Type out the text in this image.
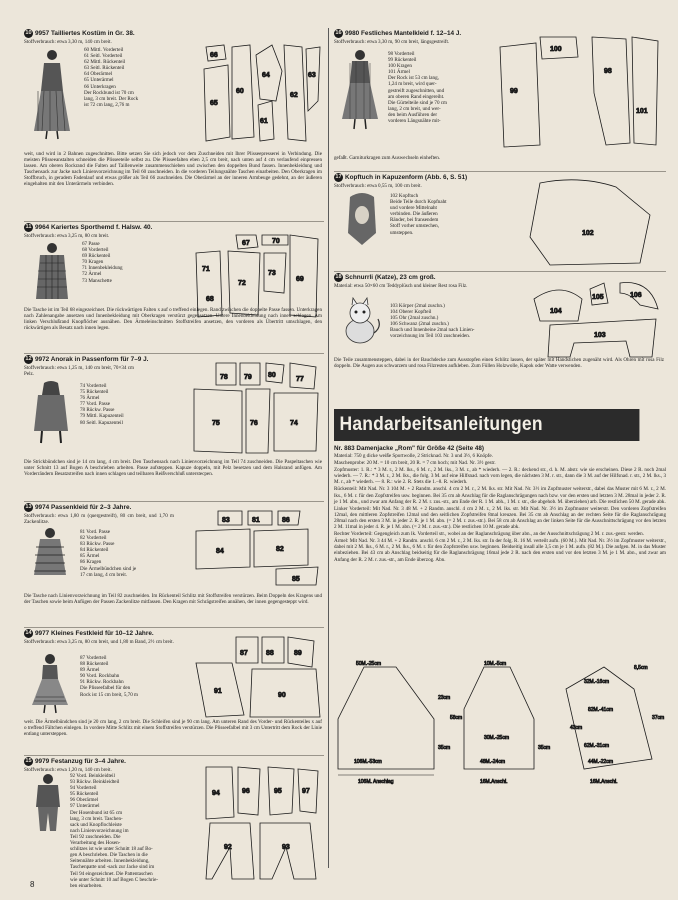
10 9957 Tailliertes Kostüm in Gr. 38.
Stoffverbrauch: etwa 3,30 m, 140 cm breit.
60 Mittl. Vorderteil
61 Seitl. Vorderteil
62 Mittl. Rückenteil
63 Seitl. Rückenteil
64 Oberärmel
65 Unterärmel
66 Unterkragen
Der Rockbund ist 70 cm
lang, 3 cm breit. Der Rock
ist 72 cm lang, 2,76 m
66
60
64
61
62
63
65
weit, und wird in 2 Bahnen zugeschnitten. Bitte setzen Sie sich jedoch vor dem Zuschneiden mit Ihrer Plisseepresserei in Verbindung. Die meisten Plisseeanstalten schneiden die Plisseeteile selbst zu. Die Plisseefalten eben 2,5 cm breit, nach unten auf 4 cm verlaufend einpressen lassen. Am oberen Rockrand die Falten auf Taillenweite zusammenschieben und zwischen den doppelten Bund fassen. Innenbekleidung und Taschensack zur Jacke nach Linienvorzeichnung im Teil 60 zuschneiden. In die vorderen Teilungsnähte Taschen einarbeiten. Den Oberkragen im Stoffbruch, in geradem Fadenlauf und etwas größer als Teil 66 zuschneiden. Die Oberärmel an der inneren Armbeuge gedehnt, an der äußeren eingehalten mit den Unterärmeln verbinden.
11 9964 Kariertes Sporthemd f. Halsw. 40.
Stoffverbrauch: etwa 3,25 m, 80 cm breit.
67 Passe
68 Vorderteil
69 Rückenteil
70 Kragen
71 Innenbekleidung
72 Ärmel
73 Manschette
70
67
69
72
73
71
68
Die Tasche ist im Teil 68 eingezeichnet. Die rückwärtigen Falten x auf o treffend einlegen. Rand zwischen die doppelte Passe fassen. Unterkragen nach Zahlenangabe ansetzen und Innenbekleidung mit Oberkragen verstürzt gegensetzen. Untere Innenbekleidung nach innen schlagen. Am linken Verschlußrand Knopflöcher ausnähen. Den Ärmeleinschnitten Stoffstreifen ansetzen, den vorderen als Übertritt umschlagen, den rückwärtigen als Besatz nach innen legen.
12 9972 Anorak in Passenform für 7–9 J.
Stoffverbrauch: etwa 1,25 m, 140 cm breit, 70×34 cm Pelz.
74 Vorderteil
75 Rückenteil
76 Ärmel
77 Vord. Passe
78 Rückw. Passe
79 Mittl. Kapuzenteil
80 Seitl. Kapuzenteil
78 79 80
77
75	76	74
Die Strickbündchen sind je 14 cm lang, 4 cm breit. Den Taschensack nach Linienvorzeichnung im Teil 74 zuschneiden. Die Paspeltaschen wie unter Schnitt 13 auf Bogen A beschrieben arbeiten. Passe aufsteppen. Kapuze doppeln, mit Pelz besetzen und dem Halsrand anfügen. Am Vorderrändern Besatzstreifen nach innen schlagen und teilbaren Reißverschluß unterstecpen.
13 9974 Passenkleid für 2–3 Jahre.
Stoffverbrauch: etwa 1,80 m (quergestreift), 80 cm breit, und 1,70 m Zackenlitze.
81 Vord. Passe
82 Vorderteil
83 Rückw. Passe
84 Rückenteil
85 Ärmel
86 Kragen
Die Ärmelbündchen sind je
17 cm lang, 4 cm breit.
83	81
84	82
86
85
Die Tasche nach Linienvorzeichnung im Teil 82 zuschneiden. Im Rückenteil Schlitz mit Stoffstreifen verstürzen. Beim Doppeln des Kragens und der Taschen sowie beim Anfügen der Passen Zackenlitze mitfassen. Den Kragen mit Schrägstreifen annähen, der innen gegengesteppt wird.
14 9977 Kleines Festkleid für 10–12 Jahre.
Stoffverbrauch: etwa 3,25 m, 80 cm breit, und 1,80 m Band, 2½ cm breit.
87 Vorderteil
88 Rückenteil
89 Ärmel
90 Vord. Rockbahn
91 Rückw. Rockbahn
Die Plisseefalbel für den
Rock ist 15 cm breit, 5,70 m
87	88	89
91
90
weit. Die Ärmelbündchen sind je 20 cm lang, 2 cm breit. Die Schleifen sind je 90 cm lang. Am unteren Rand des Vorder- und Rückenteiles x auf o treffend Fältchen einlegen. In vordere Mitte Schlitz mit einem Stoffstreifen verstürzen. Die Plisseefalbel mit 3 cm Untertritt dem Rock der Linie entlang untersteppen.
15 9979 Festanzug für 3–4 Jahre.
Stoffverbrauch: etwa 1,20 m, 140 cm breit.
92 Vord. Beinkleidteil
93 Rückw. Beinkleidteil
94 Vorderteil
95 Rückenteil
96 Oberärmel
97 Unterärmel
Der Hosenbund ist 65 cm
lang, 3 cm breit. Taschen-
sack und Knopflochleiste
nach Linienvorzeichnung im
Teil 92 zuschneiden. Die
Verarbeitung des Hosen-
schlitzes ist wie unter Schnitt 18 auf Bo-
gen A beschrieben. Die Taschen in die
Seitennähte arbeiten. Innenbekleidung,
Taschenpatte und -sack zur Jacke sind im
Teil 94 eingezeichnet. Die Pattentaschen
wie unter Schnitt 10 auf Bogen C beschrie-
ben einarbeiten.
94	96	95	97
92	93
16 9980 Festliches Mantelkleid f. 12–14 J.
Stoffverbrauch: etwa 3,30 m, 90 cm breit, längsgestreift.
98 Vorderteil
99 Rückenteil
100 Kragen
101 Ärmel
Der Rock ist 53 cm lang,
1,24 m breit, wird quer-
gestreift zugeschnitten, und
am oberen Rand eingereiht.
Die Gürtelteile sind je 70 cm
lang, 2 cm breit, und wer-
den beim Ausführen der
vorderen Längsnähte mit-
100
98
99
101
gefaßt. Garniturkragen zum Auswechseln einheften.
17 Kopftuch in Kapuzenform (Abb. 6, S. 51)
Stoffverbrauch: etwa 0,55 m, 100 cm breit.
102 Kopftuch
Beide Teile durch Kopfnaht
und vordere Mittelnaht
verbinden. Die äußeren
Ränder, bei fransendem
Stoff vorher umstechen,
umsteppen.	102
18 Schnurrli (Katze), 23 cm groß.
Material: etwa 50×60 cm Teddyplüsch und kleiner Rest rosa Filz.
103 Körper (2mal zuschn.)
104 Oberer Kopfteil
105 Ohr (2mal zuschn.)
106 Schwanz (2mal zuschn.)
Bauch und Innenbeine 2mal nach Linien-
vorzeichnung im Teil 103 zuschneiden.
104
105	106
103
Die Teile zusammensteppen, dabei in der Bauchdecke zum Ausstopfen einen Schlitz lassen, der später mit Handstichen zugenäht wird. Als Ohren mit rosa Filz doppeln. Die Augen aus schwarzem und rosa Filzresten aufkleben. Zum Füllen Holzwolle, Kapok oder Watte verwenden.
Handarbeitsanleitungen
Nr. 883 Damenjacke „Rom" für Größe 42 (Seite 48)
Material: 750 g dicke weiße Sportwolle, 2 Stricknad. Nr. 3 und 3½, 6 Knöpfe.
Maschenprobe: 20 M. = 10 cm breit, 20 R. = 7 cm hoch; mit Nad. Nr. 3½ gestr.
Zopfmuster: 1. R.: * 3 M. r., 2 M. lks., 6 M. r., 2 M. lks., 3 M. r., ab * wiederh. — 2. R.: deckend str., d. h. M. abstr. wie sie erscheinen. Diese 2 R. noch 2mal wiederh. — 7. R.: * 3 M. r., 2 M. lks., die folg. 3 M. auf eine Hilfsnad. nach vorn legen, die nächsten 3 M. r. str., dann die 3 M. auf der Hilfsnad. r. str., 2 M. lks., 3 M. r., ab * wiederh. — 8. R.: wie 2. R. Stets die 1.–8. R. wiederh.
Rückenteil: Mit Nad. Nr. 3 104 M. + 2 Randm. anschl. 4 cm 2 M. r., 2 M. lks. str. Mit Nad. Nr. 3½ im Zopfmuster weiterstr., dabei das Muster mit 6 M. r., 2 M. lks., 6 M. r. für den Zopfstreifen usw. beginnen. Bei 35 cm ab Anschlag für die Raglanschrägungen nach bzw. vor den ersten und letzten 3 M. 28mal in jeder 2. R. je 1 M. abn., und zwar am Anfang der R. 2 M. r. zus.-str., am Ende der R. 1 M. abh., 1 M. r. str., die abgehob. M. überziehen) arb. Die restlichen 50 M. gerade abk.
Linker Vorderteil: Mit Nad. Nr. 3 48 M. + 2 Randm. anschl. 4 cm 2 M. r., 2 M. lks. str. Mit Nad. Nr. 3½ im Zopfmuster weiterstr. Den vorderen Zopfstreifen 12mal, den mittleren Zopfstreifen 12mal und den seitlichen Zopfstreifen 8mal kreuzen. Bei 35 cm ab Anschlag an der rechten Seite für die Raglanschrägung 28mal nach den ersten 3 M. in jeder 2. R. je 1 M. abn. (= 2 M. r. zus.-str.). Bei 58 cm ab Anschlag an der linken Seite für die Ausschnittschrägung vor den letzten 2 M. 11mal in jeder 4. R. je 1 M. abn. (= 2 M. r. zus.-str.). Die restlichen 10 M. gerade abk.
Rechter Vorderteil: Gegengleich zum lk. Vorderteil str., wobei an der Raglanschrägung über abn., an der Ausschnittschrägung 2 M. r. zus.-gestr. werden.
Ärmel: Mit Nad. Nr. 3 44 M. + 2 Randm. anschl. 6 cm 2 M. r., 2 M. lks. str. In der folg. R. 16 M. verteilt aufn. (60 M.). Mit Nad. Nr. 3½ im Zopfmuster weiterstr., dabei mit 2 M. lks., 6 M. r., 2 M. lks., 6 M. r. für den Zopfstreifen usw. beginnen. Beidseitig insall alle 3,5 cm je 1 M. aufn. (82 M.). Die aufgen. M. in das Muster einbeziehen. Bei 43 cm ab Anschlag beidseitig für die Raglanschrägung 16mal jede 2 R. nach den ersten und vor den letzten 3 M. je 1 M. abn., und zwar am Anfang der R. 2 M. r. zus.-str., am Ende überzog. Abn.
50M.-25cm
106M.-53cm
106M. Anschlag
35cm
23cm
58cm
10M.-5cm
30M.-25cm
48M.-24cm
16M.Anschl.
35cm
8,5cm
32M.-16cm
82M.-41cm
62M.-31cm
43cm
37cm
44M.-22cm
16M.Anschl.
8
